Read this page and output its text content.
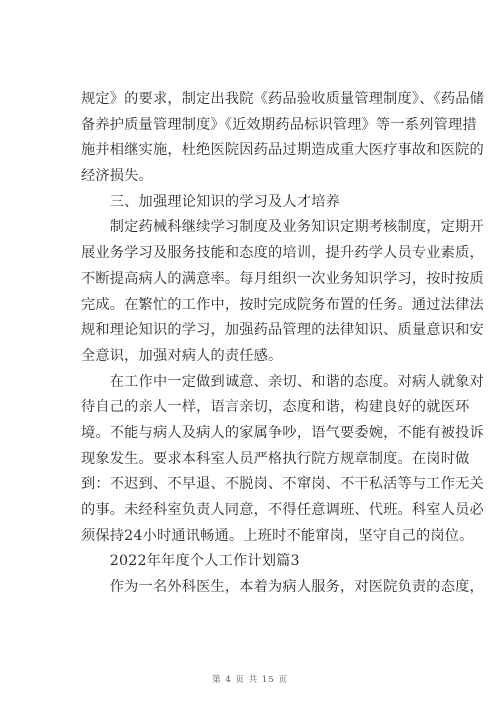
规定》的要求，制定出我院《药品验收质量管理制度》、《药品储
备养护质量管理制度》《近效期药品标识管理》等一系列管理措
施并相继实施，杜绝医院因药品过期造成重大医疗事故和医院的
经济损失。
　　三、加强理论知识的学习及人才培养
　　制定药械科继续学习制度及业务知识定期考核制度，定期开
展业务学习及服务技能和态度的培训，提升药学人员专业素质，
不断提高病人的满意率。每月组织一次业务知识学习，按时按质
完成。在繁忙的工作中，按时完成院务布置的任务。通过法律法
规和理论知识的学习，加强药品管理的法律知识、质量意识和安
全意识，加强对病人的责任感。
　　在工作中一定做到诚意、亲切、和谐的态度。对病人就象对
待自己的亲人一样，语言亲切，态度和谐，构建良好的就医环
境。不能与病人及病人的家属争吵，语气要委婉，不能有被投诉
现象发生。要求本科室人员严格执行院方规章制度。在岗时做
到：不迟到、不早退、不脱岗、不窜岗、不干私活等与工作无关
的事。未经科室负责人同意，不得任意调班、代班。科室人员必
须保持24小时通讯畅通。上班时不能窜岗，坚守自己的岗位。
　　2022年年度个人工作计划篇3
　　作为一名外科医生，本着为病人服务，对医院负责的态度，
第 4 页 共 15 页
